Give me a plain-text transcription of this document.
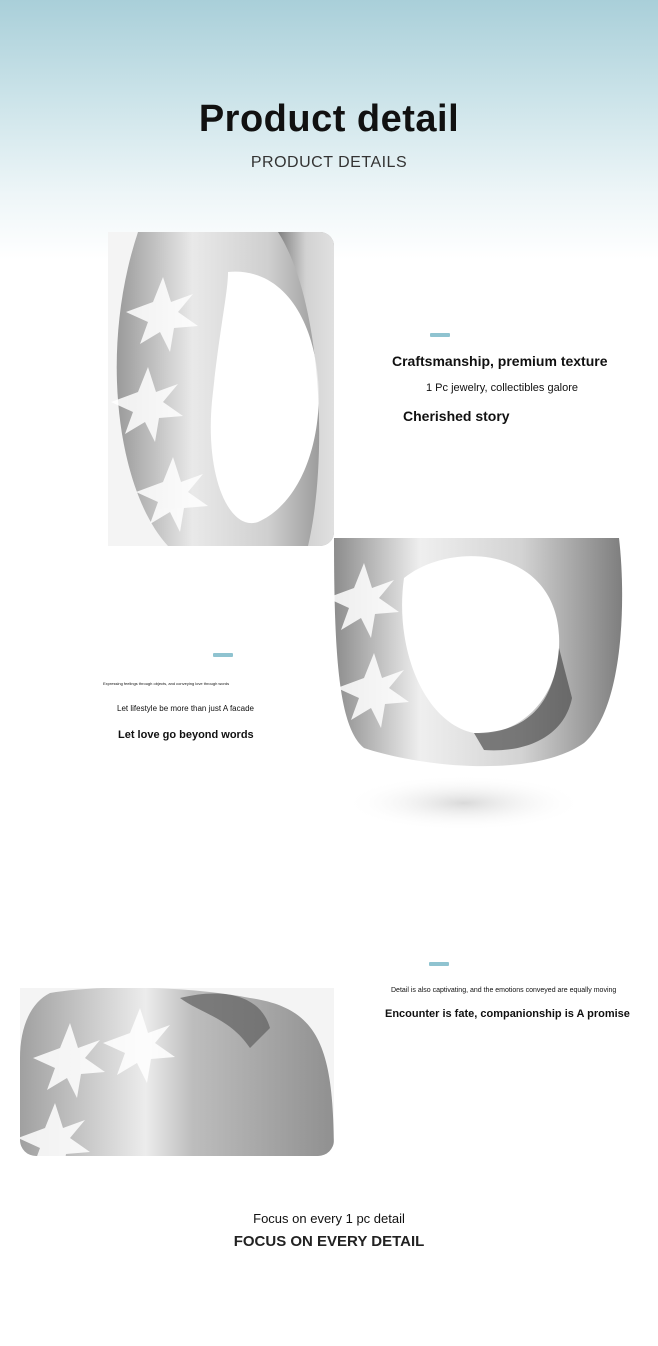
Product detail
PRODUCT DETAILS
Craftsmanship, premium texture
1 Pc jewelry, collectibles galore
Cherished story
Expressing feelings through objects, and conveying love through words
Let lifestyle be more than just A facade
Let love go beyond words
Detail is also captivating, and the emotions conveyed are equally moving
Encounter is fate, companionship is A promise
Focus on every 1 pc detail
FOCUS ON EVERY DETAIL
